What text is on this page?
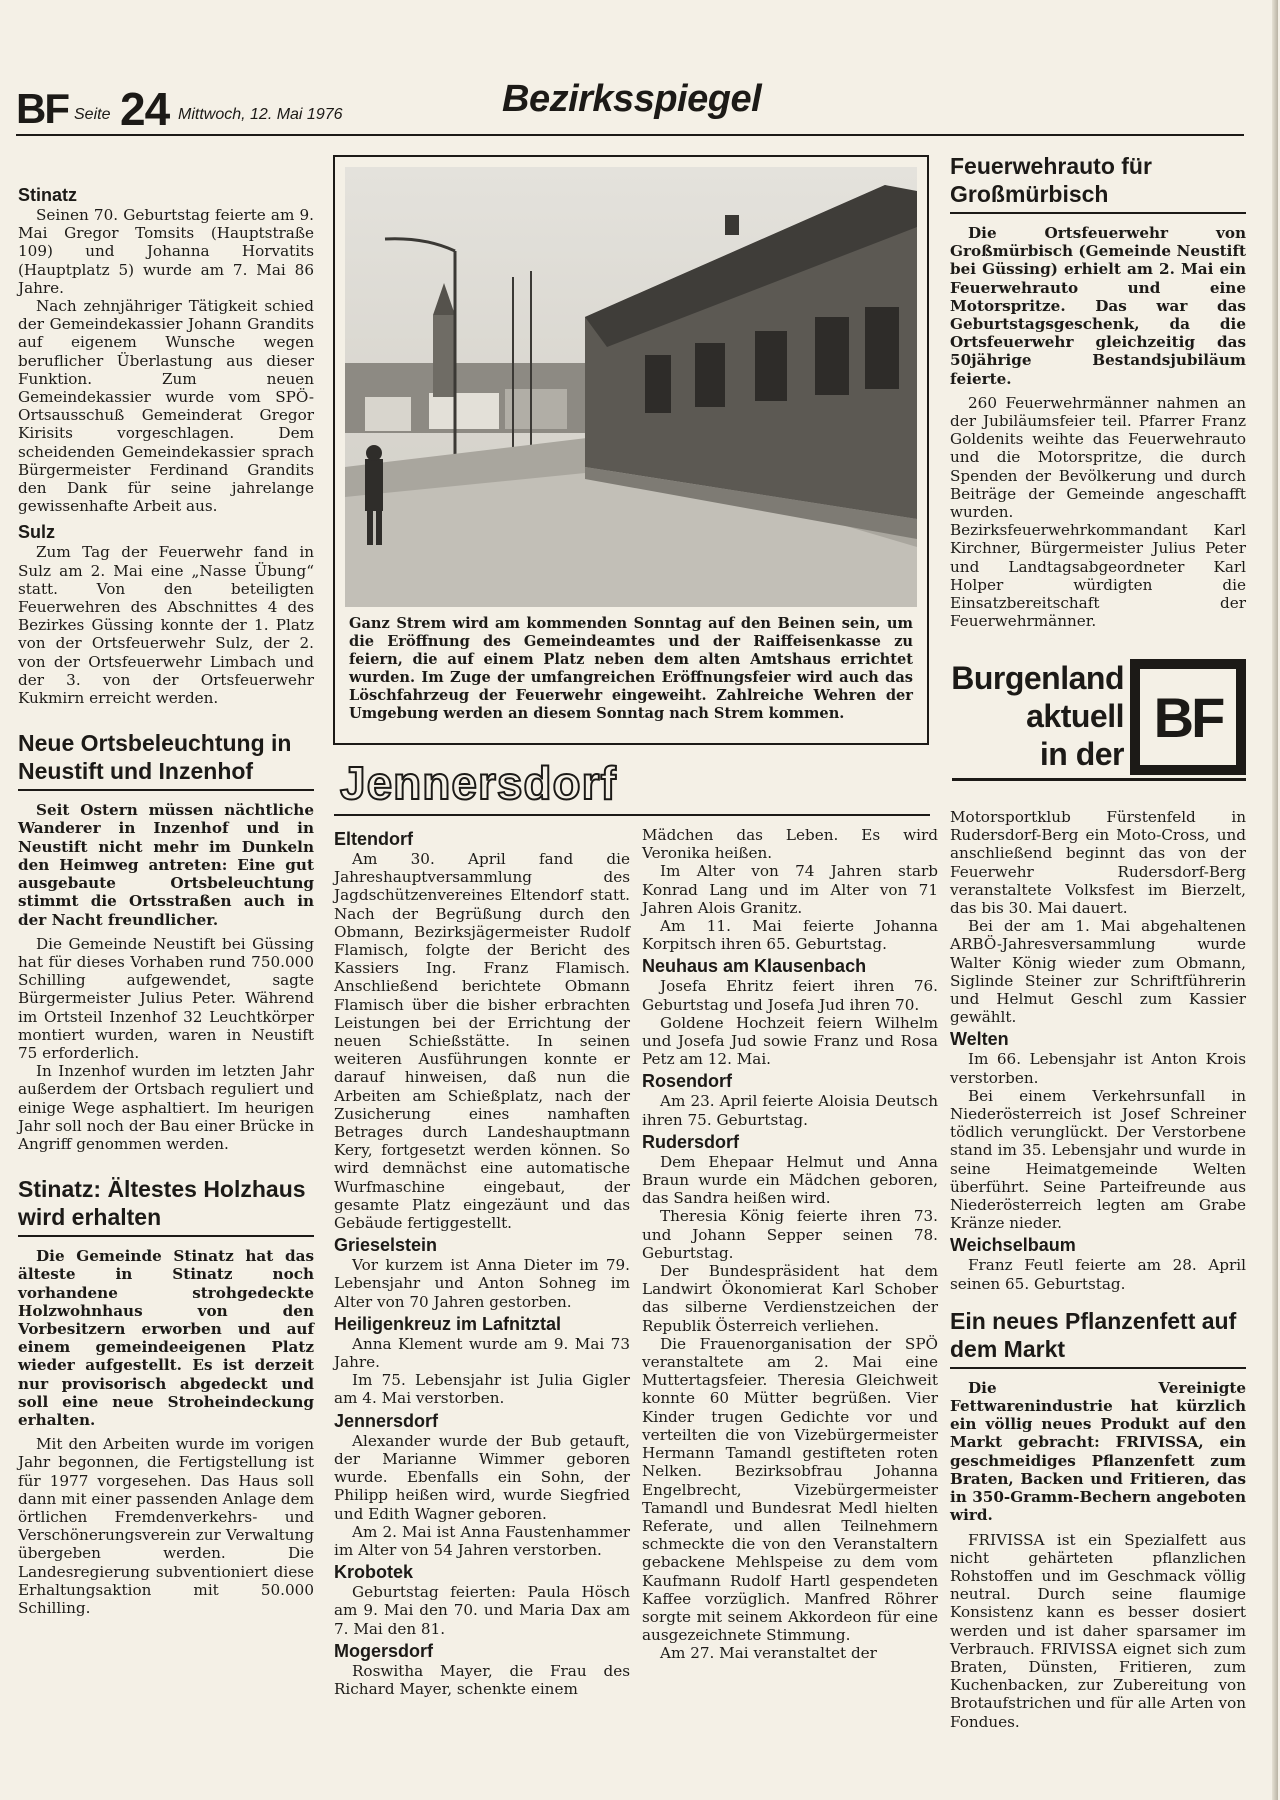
BF Seite 24 Mittwoch, 12. Mai 1976	Bezirksspiegel
Stinatz

Seinen 70. Geburtstag feierte am 9. Mai Gregor Tomsits (Hauptstraße 109) und Johanna Horvatits (Hauptplatz 5) wurde am 7. Mai 86 Jahre.

Nach zehnjähriger Tätigkeit schied der Gemeindekassier Johann Grandits auf eigenem Wunsche wegen beruflicher Überlastung aus dieser Funktion. Zum neuen Gemeindekassier wurde vom SPÖ-Ortsausschuß Gemeinderat Gregor Kirisits vorgeschlagen. Dem scheidenden Gemeindekassier sprach Bürgermeister Ferdinand Grandits den Dank für seine jahrelange gewissenhafte Arbeit aus.

Sulz

Zum Tag der Feuerwehr fand in Sulz am 2. Mai eine „Nasse Übung“ statt. Von den beteiligten Feuerwehren des Abschnittes 4 des Bezirkes Güssing konnte der 1. Platz von der Ortsfeuerwehr Sulz, der 2. von der Ortsfeuerwehr Limbach und der 3. von der Ortsfeuerwehr Kukmirn erreicht werden.

Neue Ortsbeleuchtung in Neustift und Inzenhof

Seit Ostern müssen nächtliche Wanderer in Inzenhof und in Neustift nicht mehr im Dunkeln den Heimweg antreten: Eine gut ausgebaute Ortsbeleuchtung stimmt die Ortsstraßen auch in der Nacht freundlicher.

Die Gemeinde Neustift bei Güssing hat für dieses Vorhaben rund 750.000 Schilling aufgewendet, sagte Bürgermeister Julius Peter. Während im Ortsteil Inzenhof 32 Leuchtkörper montiert wurden, waren in Neustift 75 erforderlich.

In Inzenhof wurden im letzten Jahr außerdem der Ortsbach reguliert und einige Wege asphaltiert. Im heurigen Jahr soll noch der Bau einer Brücke in Angriff genommen werden.

Stinatz: Ältestes Holzhaus wird erhalten

Die Gemeinde Stinatz hat das älteste in Stinatz noch vorhandene strohgedeckte Holzwohnhaus von den Vorbesitzern erworben und auf einem gemeindeeigenen Platz wieder aufgestellt. Es ist derzeit nur provisorisch abgedeckt und soll eine neue Stroheindeckung erhalten.

Mit den Arbeiten wurde im vorigen Jahr begonnen, die Fertigstellung ist für 1977 vorgesehen. Das Haus soll dann mit einer passenden Anlage dem örtlichen Fremdenverkehrs- und Verschönerungsverein zur Verwaltung übergeben werden. Die Landesregierung subventioniert diese Erhaltungsaktion mit 50.000 Schilling.

Ganz Strem wird am kommenden Sonntag auf den Beinen sein, um die Eröffnung des Gemeindeamtes und der Raiffeisenkasse zu feiern, die auf einem Platz neben dem alten Amtshaus errichtet wurden. Im Zuge der umfangreichen Eröffnungsfeier wird auch das Löschfahrzeug der Feuerwehr eingeweiht. Zahlreiche Wehren der Umgebung werden an diesem Sonntag nach Strem kommen.

Jennersdorf
Eltendorf

Am 30. April fand die Jahreshauptversammlung des Jagdschützenvereines Eltendorf statt. Nach der Begrüßung durch den Obmann, Bezirksjägermeister Rudolf Flamisch, folgte der Bericht des Kassiers Ing. Franz Flamisch. Anschließend berichtete Obmann Flamisch über die bisher erbrachten Leistungen bei der Errichtung der neuen Schießstätte. In seinen weiteren Ausführungen konnte er darauf hinweisen, daß nun die Arbeiten am Schießplatz, nach der Zusicherung eines namhaften Betrages durch Landeshauptmann Kery, fortgesetzt werden können. So wird demnächst eine automatische Wurfmaschine eingebaut, der gesamte Platz eingezäunt und das Gebäude fertiggestellt.

Grieselstein

Vor kurzem ist Anna Dieter im 79. Lebensjahr und Anton Sohneg im Alter von 70 Jahren gestorben.

Heiligenkreuz im Lafnitztal

Anna Klement wurde am 9. Mai 73 Jahre.

Im 75. Lebensjahr ist Julia Gigler am 4. Mai verstorben.

Jennersdorf

Alexander wurde der Bub getauft, der Marianne Wimmer geboren wurde. Ebenfalls ein Sohn, der Philipp heißen wird, wurde Siegfried und Edith Wagner geboren.

Am 2. Mai ist Anna Faustenhammer im Alter von 54 Jahren verstorben.

Krobotek

Geburtstag feierten: Paula Hösch am 9. Mai den 70. und Maria Dax am 7. Mai den 81.

Mogersdorf

Roswitha Mayer, die Frau des Richard Mayer, schenkte einem

Mädchen das Leben. Es wird Veronika heißen.

Im Alter von 74 Jahren starb Konrad Lang und im Alter von 71 Jahren Alois Granitz.

Am 11. Mai feierte Johanna Korpitsch ihren 65. Geburtstag.

Neuhaus am Klausenbach

Josefa Ehritz feiert ihren 76. Geburtstag und Josefa Jud ihren 70.

Goldene Hochzeit feiern Wilhelm und Josefa Jud sowie Franz und Rosa Petz am 12. Mai.

Rosendorf

Am 23. April feierte Aloisia Deutsch ihren 75. Geburtstag.

Rudersdorf

Dem Ehepaar Helmut und Anna Braun wurde ein Mädchen geboren, das Sandra heißen wird.

Theresia König feierte ihren 73. und Johann Sepper seinen 78. Geburtstag.

Der Bundespräsident hat dem Landwirt Ökonomierat Karl Schober das silberne Verdienstzeichen der Republik Österreich verliehen.

Die Frauenorganisation der SPÖ veranstaltete am 2. Mai eine Muttertagsfeier. Theresia Gleichweit konnte 60 Mütter begrüßen. Vier Kinder trugen Gedichte vor und verteilten die von Vizebürgermeister Hermann Tamandl gestifteten roten Nelken. Bezirksobfrau Johanna Engelbrecht, Vizebürgermeister Tamandl und Bundesrat Medl hielten Referate, und allen Teilnehmern schmeckte die von den Veranstaltern gebackene Mehlspeise zu dem vom Kaufmann Rudolf Hartl gespendeten Kaffee vorzüglich. Manfred Röhrer sorgte mit seinem Akkordeon für eine ausgezeichnete Stimmung.

Am 27. Mai veranstaltet der

Feuerwehrauto für Großmürbisch

Die Ortsfeuerwehr von Großmürbisch (Gemeinde Neustift bei Güssing) erhielt am 2. Mai ein Feuerwehrauto und eine Motorspritze. Das war das Geburtstagsgeschenk, da die Ortsfeuerwehr gleichzeitig das 50jährige Bestandsjubiläum feierte.

260 Feuerwehrmänner nahmen an der Jubiläumsfeier teil. Pfarrer Franz Goldenits weihte das Feuerwehrauto und die Motorspritze, die durch Spenden der Bevölkerung und durch Beiträge der Gemeinde angeschafft wurden. Bezirksfeuerwehrkommandant Karl Kirchner, Bürgermeister Julius Peter und Landtagsabgeordneter Karl Holper würdigten die Einsatzbereitschaft der Feuerwehrmänner.

Burgenland
aktuell
in der
BF

Motorsportklub Fürstenfeld in Rudersdorf-Berg ein Moto-Cross, und anschließend beginnt das von der Feuerwehr Rudersdorf-Berg veranstaltete Volksfest im Bierzelt, das bis 30. Mai dauert.

Bei der am 1. Mai abgehaltenen ARBÖ-Jahresversammlung wurde Walter König wieder zum Obmann, Siglinde Steiner zur Schriftführerin und Helmut Geschl zum Kassier gewählt.

Welten

Im 66. Lebensjahr ist Anton Krois verstorben.

Bei einem Verkehrsunfall in Niederösterreich ist Josef Schreiner tödlich verunglückt. Der Verstorbene stand im 35. Lebensjahr und wurde in seine Heimatgemeinde Welten überführt. Seine Parteifreunde aus Niederösterreich legten am Grabe Kränze nieder.

Weichselbaum

Franz Feutl feierte am 28. April seinen 65. Geburtstag.

Ein neues Pflanzenfett auf dem Markt

Die Vereinigte Fettwarenindustrie hat kürzlich ein völlig neues Produkt auf den Markt gebracht: FRIVISSA, ein geschmeidiges Pflanzenfett zum Braten, Backen und Fritieren, das in 350-Gramm-Bechern angeboten wird.

FRIVISSA ist ein Spezialfett aus nicht gehärteten pflanzlichen Rohstoffen und im Geschmack völlig neutral. Durch seine flaumige Konsistenz kann es besser dosiert werden und ist daher sparsamer im Verbrauch. FRIVISSA eignet sich zum Braten, Dünsten, Fritieren, zum Kuchenbacken, zur Zubereitung von Brotaufstrichen und für alle Arten von Fondues.
